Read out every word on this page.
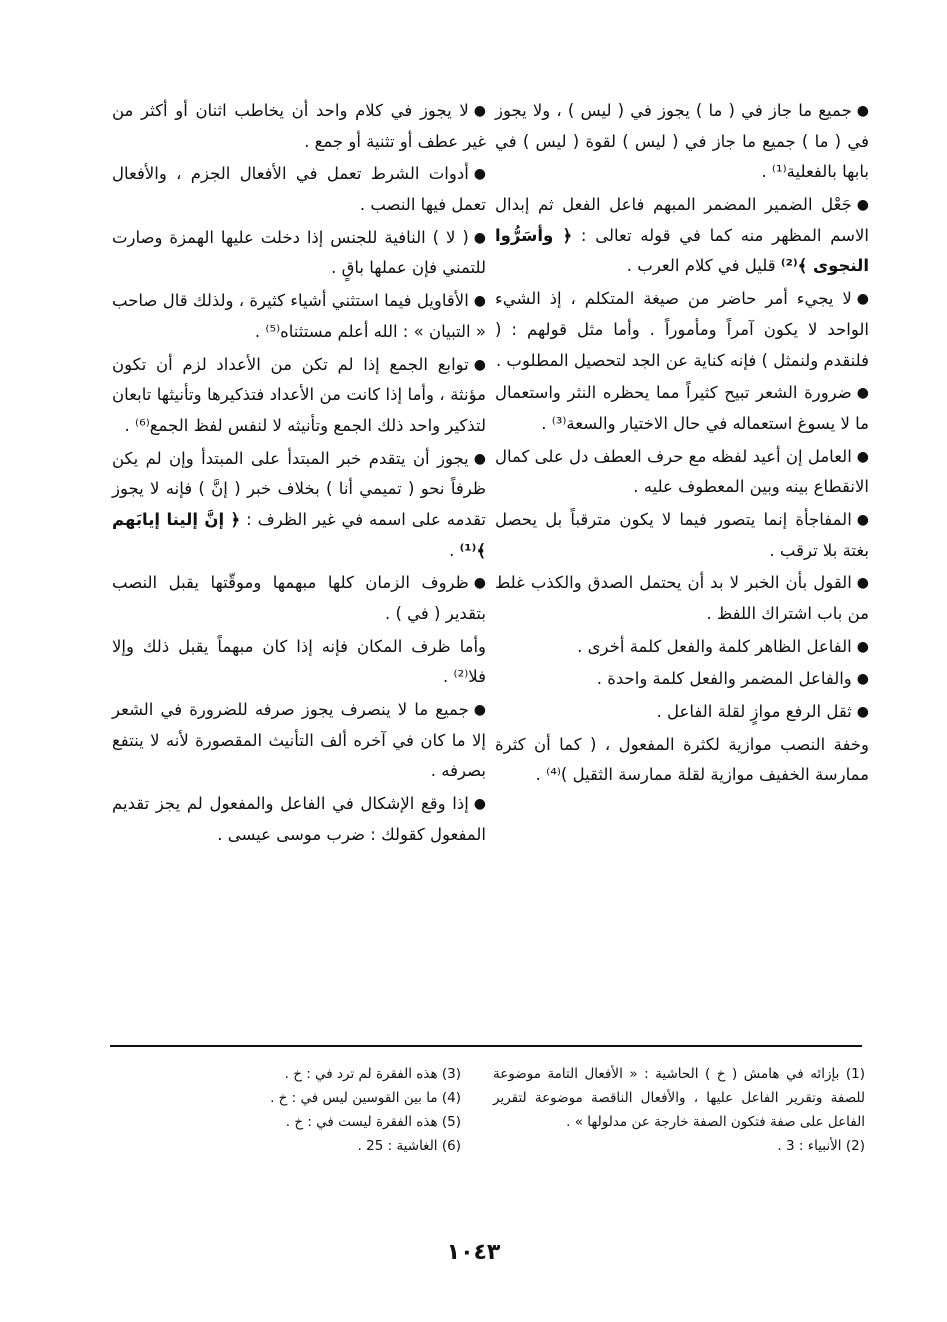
●جميع ما جاز في ( ما ) يجوز في ( ليس ) ، ولا يجوز في ( ما ) جميع ما جاز في ( ليس ) لقوة ( ليس ) في بابها بالفعلية⁽¹⁾ .

●جَعْل الضمير المضمر المبهم فاعل الفعل ثم إبدال الاسم المظهر منه كما في قوله تعالى : ﴿ وأسَرُّوا النجوى ﴾⁽²⁾ قليل في كلام العرب .

●لا يجيء أمر حاضر من صيغة المتكلم ، إذ الشيء الواحد لا يكون آمراً ومأموراً . وأما مثل قولهم : ( فلنقدم ولنمثل ) فإنه كناية عن الجد لتحصيل المطلوب .

●ضرورة الشعر تبيح كثيراً مما يحظره النثر واستعمال ما لا يسوغ استعماله في حال الاختيار والسعة⁽³⁾ .

●العامل إن أعيد لفظه مع حرف العطف دل على كمال الانقطاع بينه وبين المعطوف عليه .

●المفاجأة إنما يتصور فيما لا يكون مترقباً بل يحصل بغتة بلا ترقب .

●القول بأن الخبر لا بد أن يحتمل الصدق والكذب غلط من باب اشتراك اللفظ .

●الفاعل الظاهر كلمة والفعل كلمة أخرى .

●والفاعل المضمر والفعل كلمة واحدة .

●ثقل الرفع موازٍ لقلة الفاعل .

وخفة النصب موازية لكثرة المفعول ، ( كما أن كثرة ممارسة الخفيف موازية لقلة ممارسة الثقيل )⁽⁴⁾ .

●لا يجوز في كلام واحد أن يخاطب اثنان أو أكثر من غير عطف أو تثنية أو جمع .

●أدوات الشرط تعمل في الأفعال الجزم ، والأفعال تعمل فيها النصب .

●( لا ) النافية للجنس إذا دخلت عليها الهمزة وصارت للتمني فإن عملها باقٍ .

●الأقاويل فيما استثني أشياء كثيرة ، ولذلك قال صاحب « التبيان » : الله أعلم مستثناه⁽⁵⁾ .

●توابع الجمع إذا لم تكن من الأعداد لزم أن تكون مؤنثة ، وأما إذا كانت من الأعداد فتذكيرها وتأنيثها تابعان لتذكير واحد ذلك الجمع وتأنيثه لا لنفس لفظ الجمع⁽⁶⁾ .

●يجوز أن يتقدم خبر المبتدأ على المبتدأ وإن لم يكن ظرفاً نحو ( تميمي أنا ) بخلاف خبر ( إنَّ ) فإنه لا يجوز تقدمه على اسمه في غير الظرف : ﴿ إنَّ إلينا إيابَهم ﴾⁽¹⁾ .

●ظروف الزمان كلها مبهمها وموقّتها يقبل النصب بتقدير ( في ) .

وأما ظرف المكان فإنه إذا كان مبهماً يقبل ذلك وإلا فلا⁽²⁾ .

●جميع ما لا ينصرف يجوز صرفه للضرورة في الشعر إلا ما كان في آخره ألف التأنيث المقصورة لأنه لا ينتفع بصرفه .

●إذا وقع الإشكال في الفاعل والمفعول لم يجز تقديم المفعول كقولك : ضرب موسى عيسى .

(1) بإزائه في هامش ( خ ) الحاشية : « الأفعال التامة موضوعة للصفة وتقرير الفاعل عليها ، والأفعال الناقصة موضوعة لتقرير الفاعل على صفة فتكون الصفة خارجة عن مدلولها » .

(2) الأنبياء : 3 .

(3) هذه الفقرة لم ترد في : خ .

(4) ما بين القوسين ليس في : خ .

(5) هذه الفقرة ليست في : خ .

(6) الغاشية : 25 .

١٠٤٣
